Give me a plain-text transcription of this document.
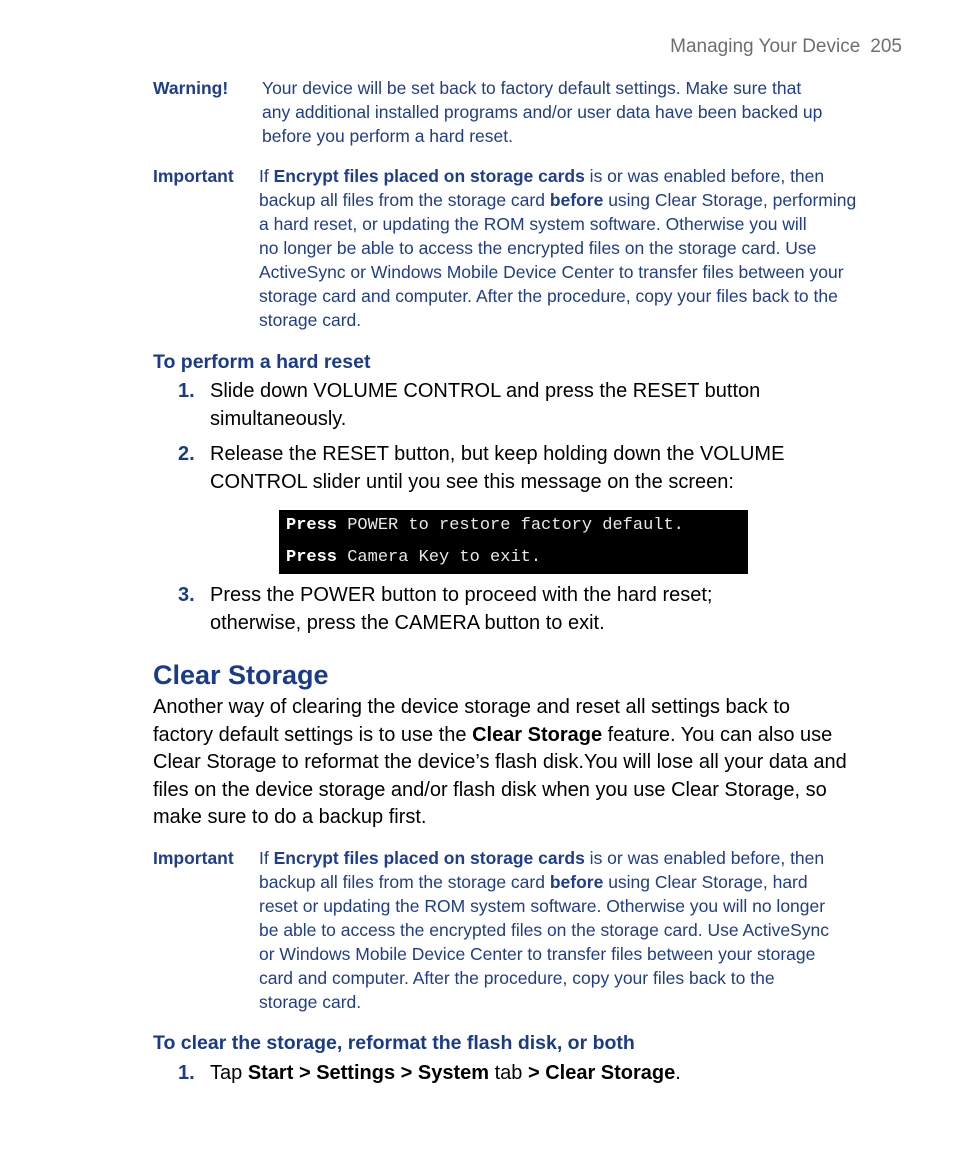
Managing Your Device 205
Warning! Your device will be set back to factory default settings. Make sure that
any additional installed programs and/or user data have been backed up
before you perform a hard reset.
Important If Encrypt files placed on storage cards is or was enabled before, then
backup all files from the storage card before using Clear Storage, performing
a hard reset, or updating the ROM system software. Otherwise you will
no longer be able to access the encrypted files on the storage card. Use
ActiveSync or Windows Mobile Device Center to transfer files between your
storage card and computer. After the procedure, copy your files back to the
storage card.
To perform a hard reset
1. Slide down VOLUME CONTROL and press the RESET button
simultaneously.
2. Release the RESET button, but keep holding down the VOLUME
CONTROL slider until you see this message on the screen:
Press POWER to restore factory default.
Press Camera Key to exit.
3. Press the POWER button to proceed with the hard reset;
otherwise, press the CAMERA button to exit.
Clear Storage
Another way of clearing the device storage and reset all settings back to
factory default settings is to use the Clear Storage feature. You can also use
Clear Storage to reformat the device’s flash disk.You will lose all your data and
files on the device storage and/or flash disk when you use Clear Storage, so
make sure to do a backup first.
Important If Encrypt files placed on storage cards is or was enabled before, then
backup all files from the storage card before using Clear Storage, hard
reset or updating the ROM system software. Otherwise you will no longer
be able to access the encrypted files on the storage card. Use ActiveSync
or Windows Mobile Device Center to transfer files between your storage
card and computer. After the procedure, copy your files back to the
storage card.
To clear the storage, reformat the flash disk, or both
1. Tap Start > Settings > System tab > Clear Storage.
